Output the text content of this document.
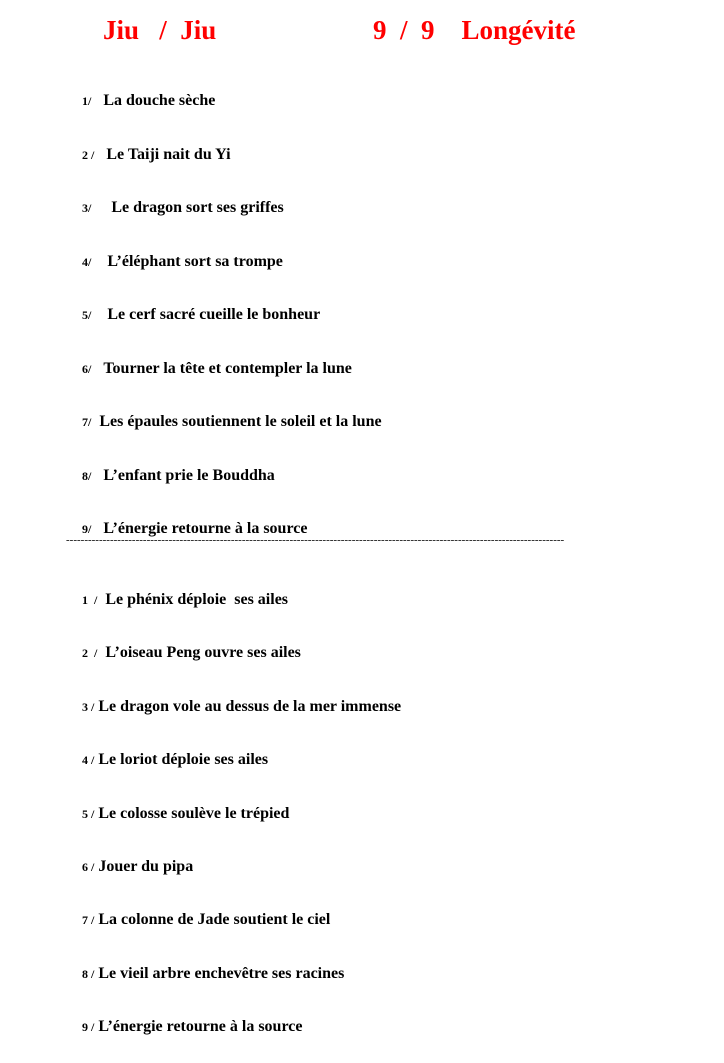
Jiu   /  Jiu	9  /  9    Longévité

1/ La douche sèche

2 / Le Taiji nait du Yi

3/ Le dragon sort ses griffes

4/ L’éléphant sort sa trompe

5/ Le cerf sacré cueille le bonheur

6/ Tourner la tête et contempler la lune

7/ Les épaules soutiennent le soleil et la lune

8/ L’enfant prie le Bouddha

9/ L’énergie retourne à la source

----------------------------------------------------------------------------------------------------------------------------------------

1  / Le phénix déploie  ses ailes

2  / L’oiseau Peng ouvre ses ailes

3 / Le dragon vole au dessus de la mer immense

4 / Le loriot déploie ses ailes

5 / Le colosse soulève le trépied

6 / Jouer du pipa

7 / La colonne de Jade soutient le ciel

8 / Le vieil arbre enchevêtre ses racines

9 / L’énergie retourne à la source
